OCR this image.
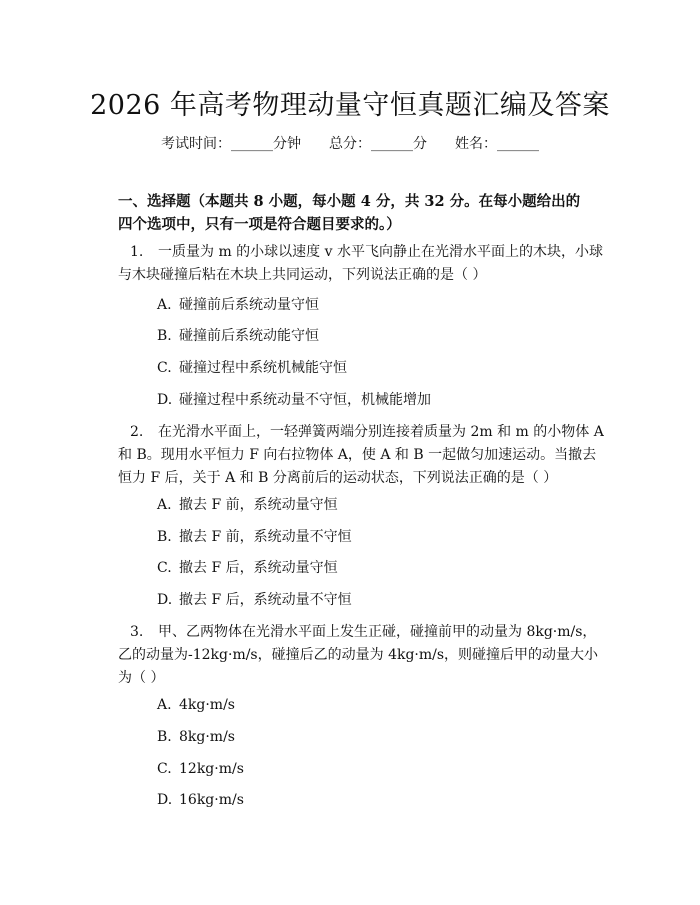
2026 年高考物理动量守恒真题汇编及答案
考试时间：______分钟 总分：______分 姓名：______
一、选择题（本题共 8 小题，每小题 4 分，共 32 分。在每小题给出的四个选项中，只有一项是符合题目要求的。）
1. 一质量为 m 的小球以速度 v 水平飞向静止在光滑水平面上的木块，小球与木块碰撞后粘在木块上共同运动，下列说法正确的是（ ）
A. 碰撞前后系统动量守恒
B. 碰撞前后系统动能守恒
C. 碰撞过程中系统机械能守恒
D. 碰撞过程中系统动量不守恒，机械能增加
2. 在光滑水平面上，一轻弹簧两端分别连接着质量为 2m 和 m 的小物体 A 和 B。现用水平恒力 F 向右拉物体 A，使 A 和 B 一起做匀加速运动。当撤去恒力 F 后，关于 A 和 B 分离前后的运动状态，下列说法正确的是（ ）
A. 撤去 F 前，系统动量守恒
B. 撤去 F 前，系统动量不守恒
C. 撤去 F 后，系统动量守恒
D. 撤去 F 后，系统动量不守恒
3. 甲、乙两物体在光滑水平面上发生正碰，碰撞前甲的动量为 8kg·m/s，乙的动量为-12kg·m/s，碰撞后乙的动量为 4kg·m/s，则碰撞后甲的动量大小为（ ）
A. 4kg·m/s
B. 8kg·m/s
C. 12kg·m/s
D. 16kg·m/s
